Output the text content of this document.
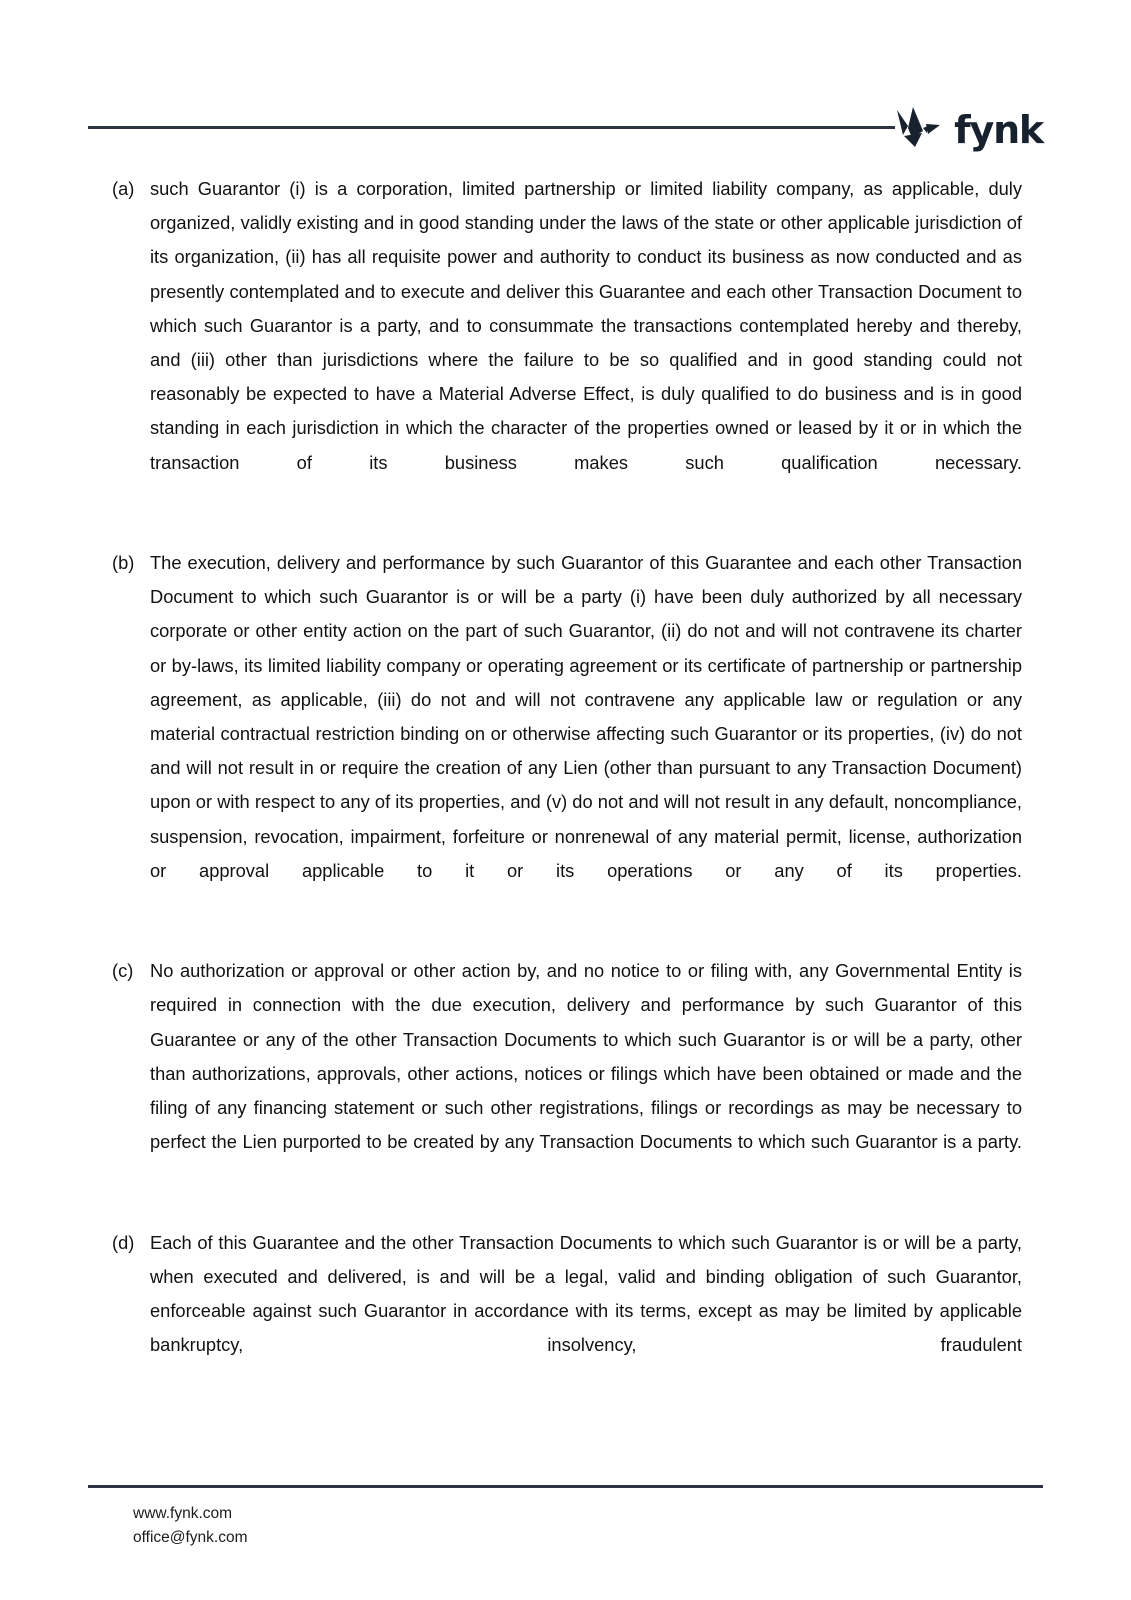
fynk
(a) such Guarantor (i) is a corporation, limited partnership or limited liability company, as applicable, duly organized, validly existing and in good standing under the laws of the state or other applicable jurisdiction of its organization, (ii) has all requisite power and authority to conduct its business as now conducted and as presently contemplated and to execute and deliver this Guarantee and each other Transaction Document to which such Guarantor is a party, and to consummate the transactions contemplated hereby and thereby, and (iii) other than jurisdictions where the failure to be so qualified and in good standing could not reasonably be expected to have a Material Adverse Effect, is duly qualified to do business and is in good standing in each jurisdiction in which the character of the properties owned or leased by it or in which the transaction of its business makes such qualification necessary.
(b) The execution, delivery and performance by such Guarantor of this Guarantee and each other Transaction Document to which such Guarantor is or will be a party (i) have been duly authorized by all necessary corporate or other entity action on the part of such Guarantor, (ii) do not and will not contravene its charter or by-laws, its limited liability company or operating agreement or its certificate of partnership or partnership agreement, as applicable, (iii) do not and will not contravene any applicable law or regulation or any material contractual restriction binding on or otherwise affecting such Guarantor or its properties, (iv) do not and will not result in or require the creation of any Lien (other than pursuant to any Transaction Document) upon or with respect to any of its properties, and (v) do not and will not result in any default, noncompliance, suspension, revocation, impairment, forfeiture or nonrenewal of any material permit, license, authorization or approval applicable to it or its operations or any of its properties.
(c) No authorization or approval or other action by, and no notice to or filing with, any Governmental Entity is required in connection with the due execution, delivery and performance by such Guarantor of this Guarantee or any of the other Transaction Documents to which such Guarantor is or will be a party, other than authorizations, approvals, other actions, notices or filings which have been obtained or made and the filing of any financing statement or such other registrations, filings or recordings as may be necessary to perfect the Lien purported to be created by any Transaction Documents to which such Guarantor is a party.
(d) Each of this Guarantee and the other Transaction Documents to which such Guarantor is or will be a party, when executed and delivered, is and will be a legal, valid and binding obligation of such Guarantor, enforceable against such Guarantor in accordance with its terms, except as may be limited by applicable bankruptcy, insolvency, fraudulent
www.fynk.com
office@fynk.com
